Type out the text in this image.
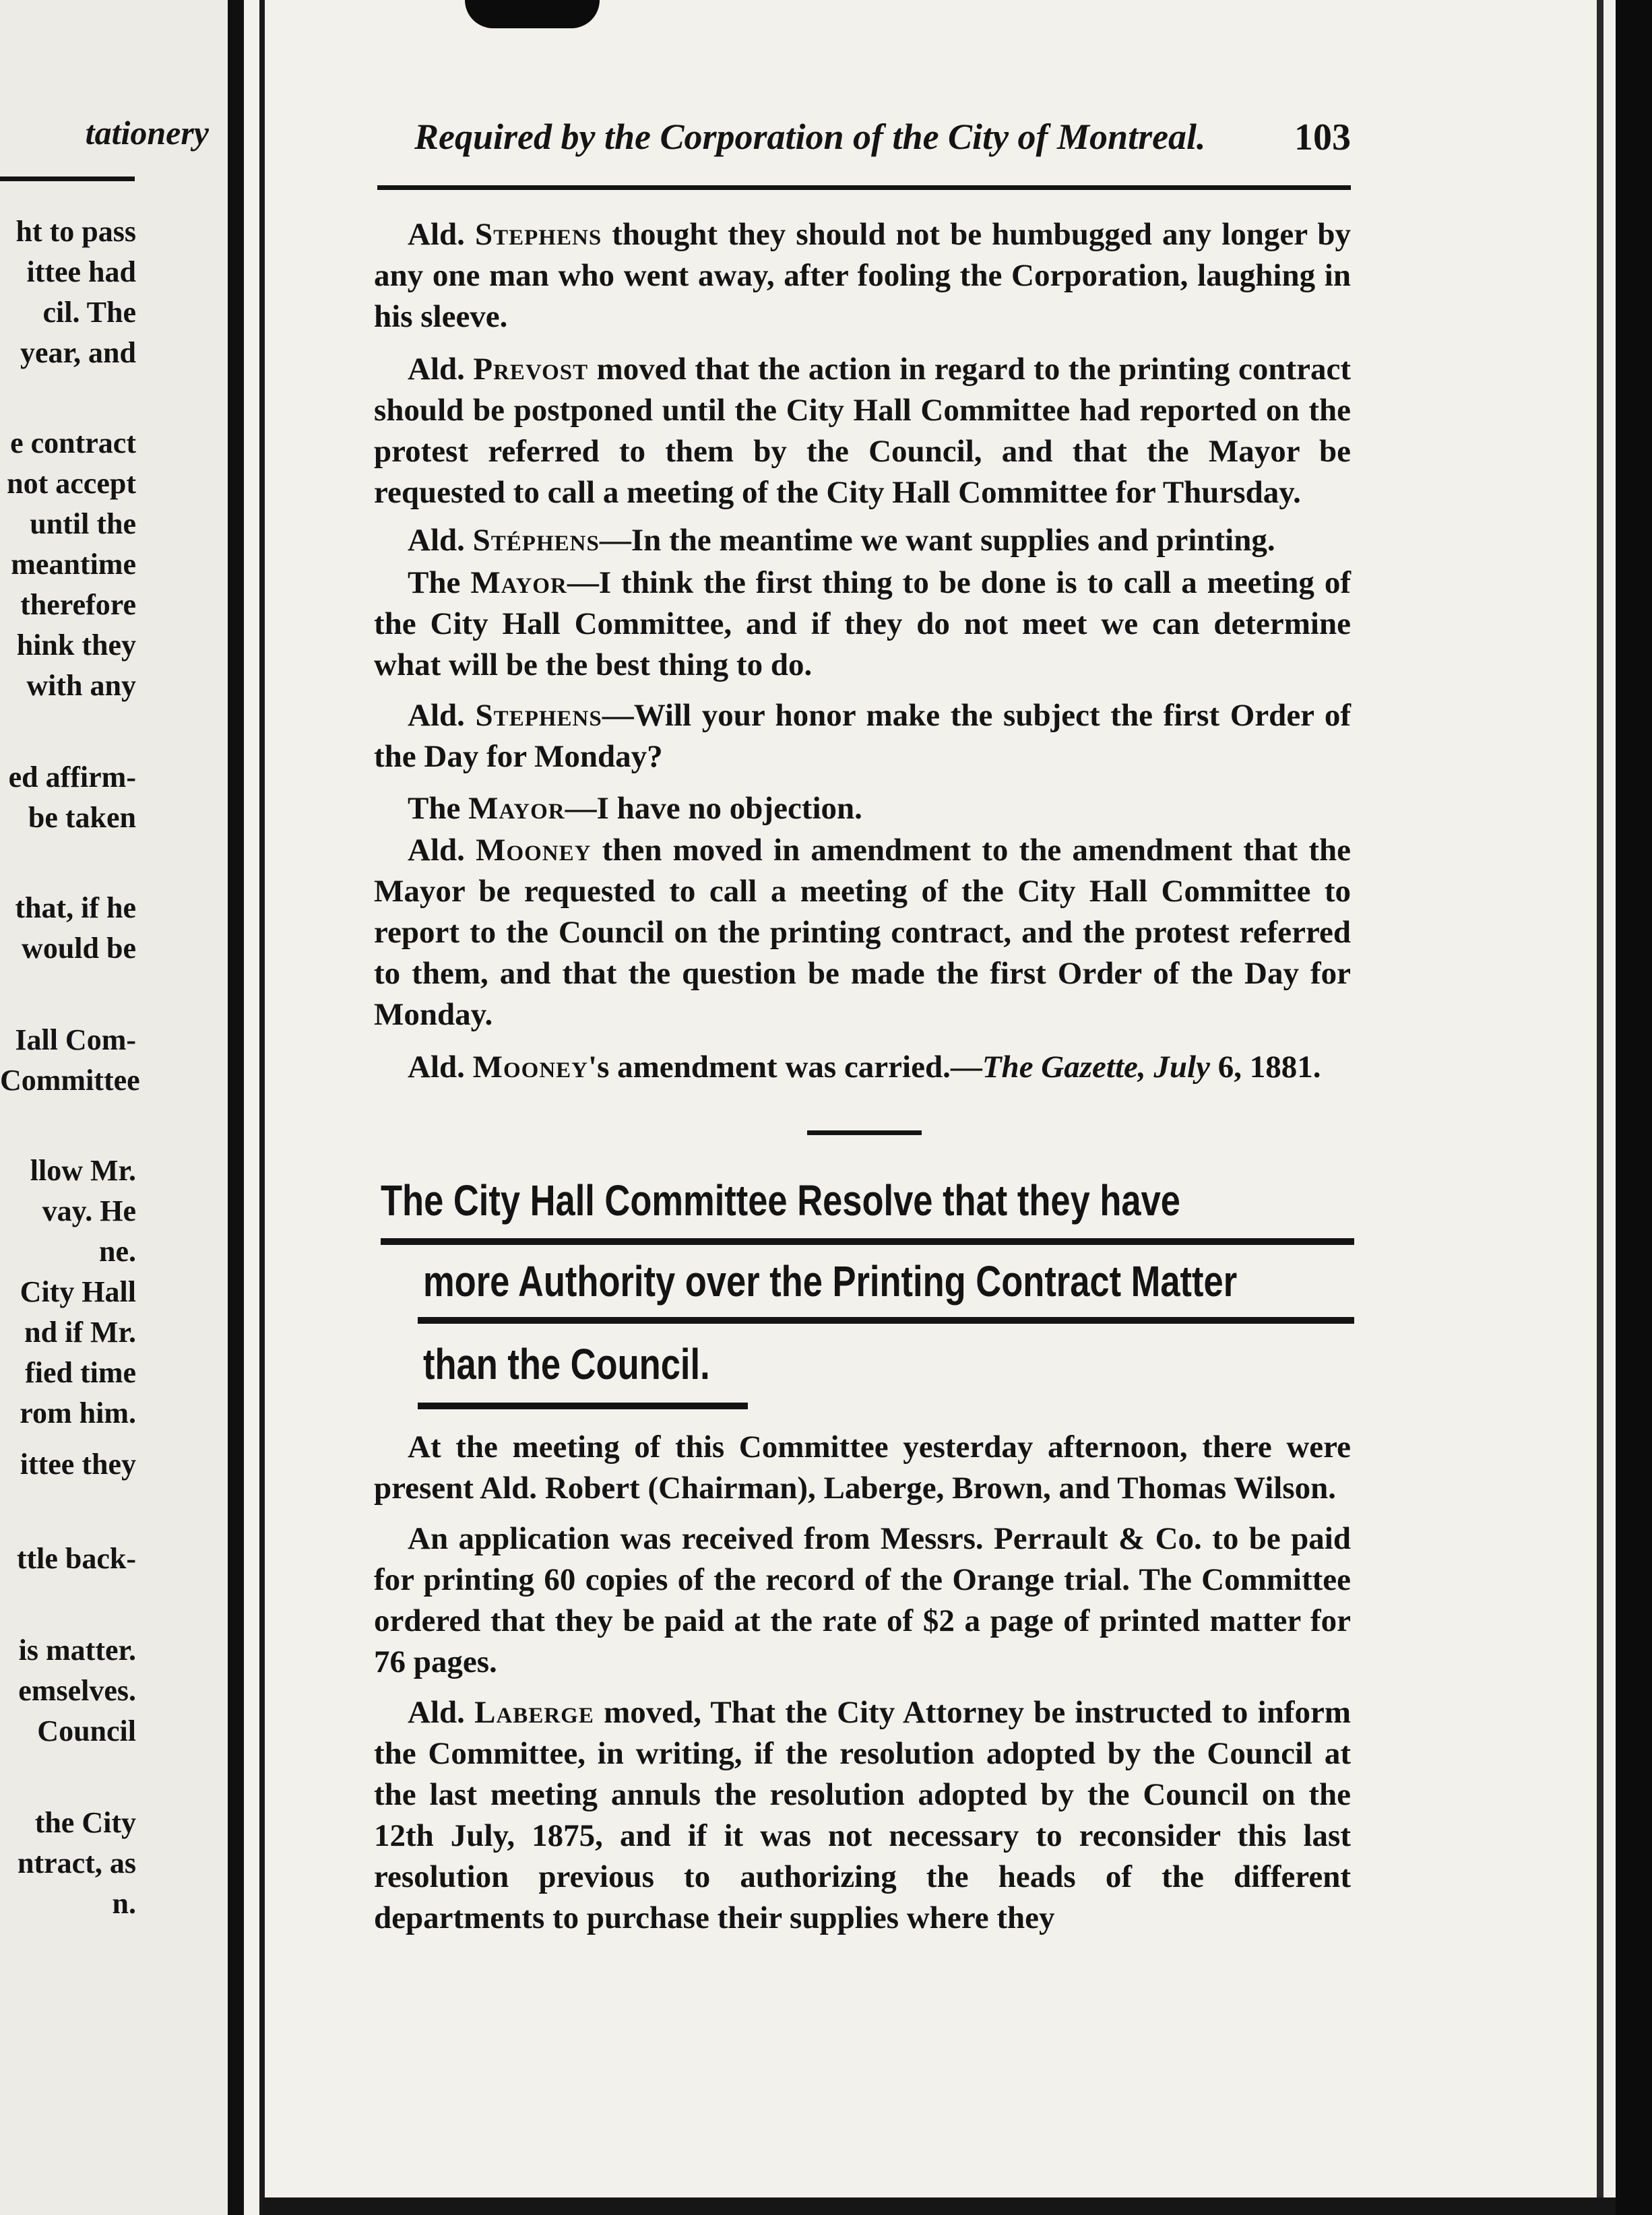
tationery
ht to pass
ittee had
cil. The
year, and
e contract
not accept
until the
meantime
therefore
hink they
with any
ed affirm-
be taken
that, if he
would be
Iall Com-
Committee
llow Mr.
vay. He
ne.
City Hall
nd if Mr.
fied time
rom him.
ittee they
ttle back-
is matter.
emselves.
Council
the City
ntract, as
n.
Required by the Corporation of the City of Montreal.	103

Ald. Stephens thought they should not be humbugged any longer by any one man who went away, after fooling the Corporation, laughing in his sleeve.

Ald. Prevost moved that the action in regard to the printing contract should be postponed until the City Hall Committee had reported on the protest referred to them by the Council, and that the Mayor be requested to call a meeting of the City Hall Committee for Thursday.

Ald. Stéphens—In the meantime we want supplies and printing.

The Mayor—I think the first thing to be done is to call a meeting of the City Hall Committee, and if they do not meet we can determine what will be the best thing to do.

Ald. Stephens—Will your honor make the subject the first Order of the Day for Monday?

The Mayor—I have no objection.

Ald. Mooney then moved in amendment to the amendment that the Mayor be requested to call a meeting of the City Hall Committee to report to the Council on the printing contract, and the protest referred to them, and that the question be made the first Order of the Day for Monday.

Ald. Mooney's amendment was carried.—The Gazette, July 6, 1881.

The City Hall Committee Resolve that they have
more Authority over the Printing Contract Matter
than the Council.

At the meeting of this Committee yesterday afternoon, there were present Ald. Robert (Chairman), Laberge, Brown, and Thomas Wilson.

An application was received from Messrs. Perrault & Co. to be paid for printing 60 copies of the record of the Orange trial. The Committee ordered that they be paid at the rate of $2 a page of printed matter for 76 pages.

Ald. Laberge moved, That the City Attorney be instructed to inform the Committee, in writing, if the resolution adopted by the Council at the last meeting annuls the resolution adopted by the Council on the 12th July, 1875, and if it was not necessary to reconsider this last resolution previous to authorizing the heads of the different departments to purchase their supplies where they
